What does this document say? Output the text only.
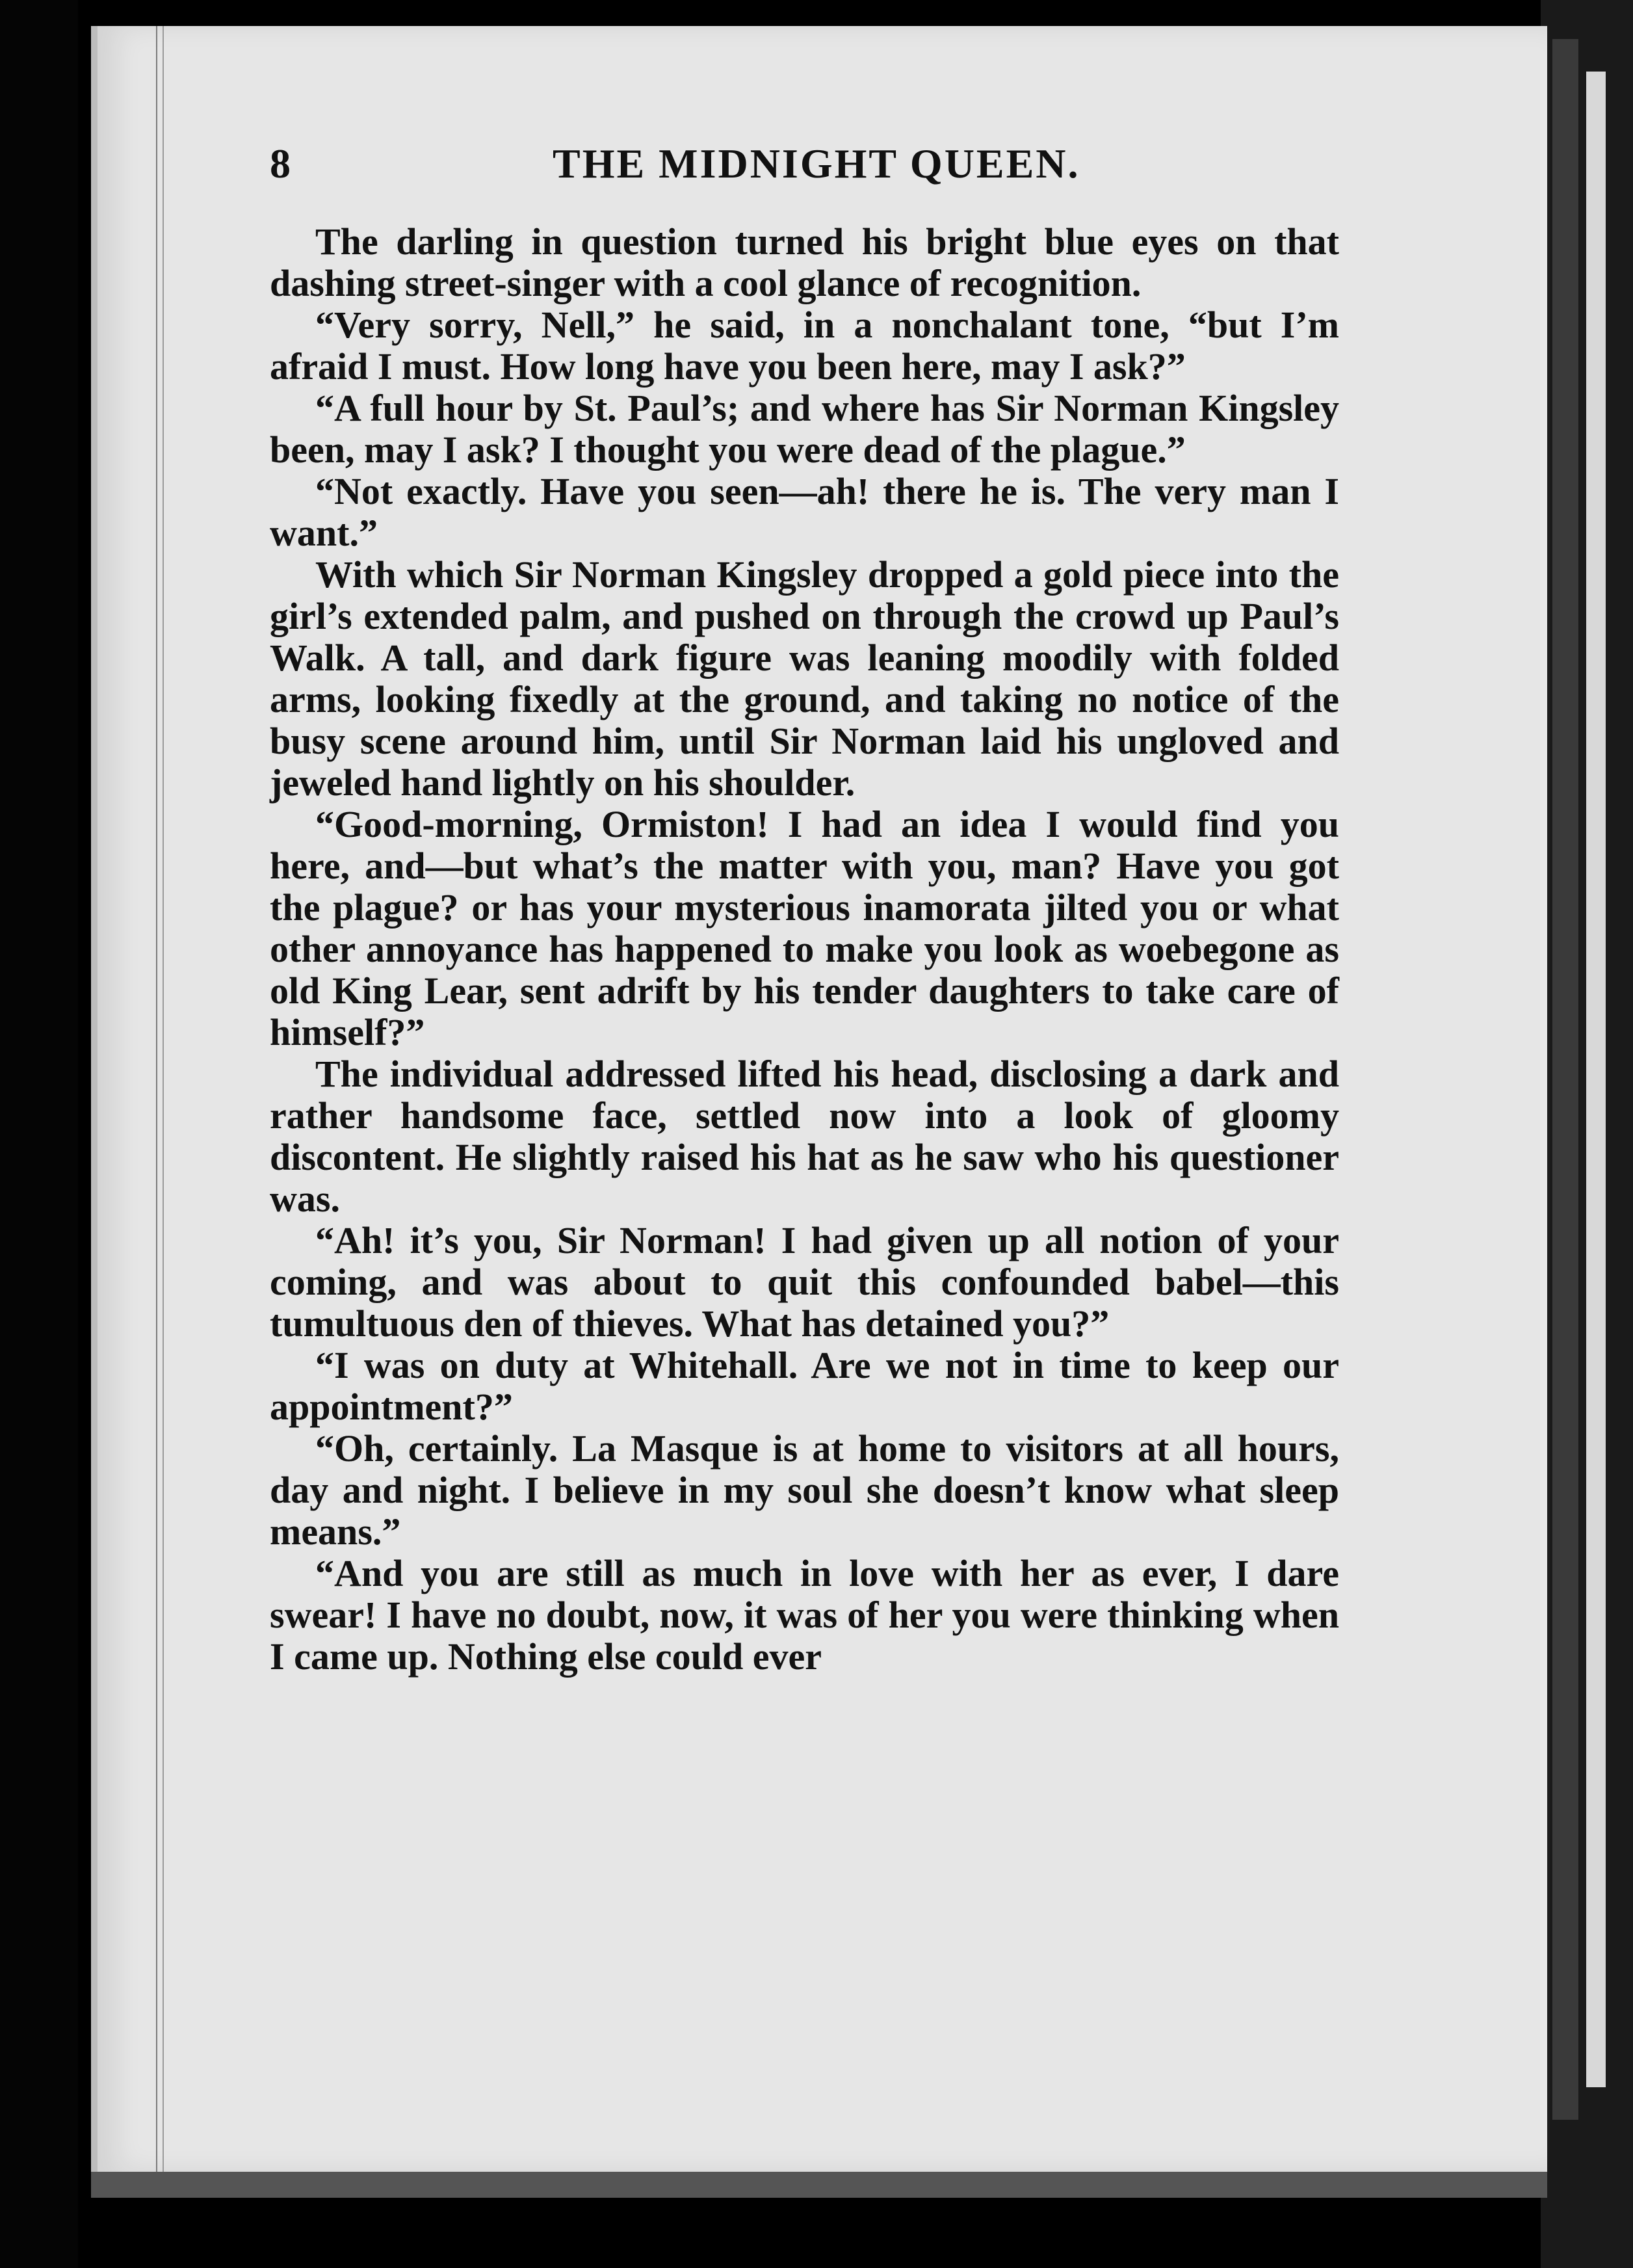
8	THE MIDNIGHT QUEEN.

The darling in question turned his bright blue eyes on that dashing street-singer with a cool glance of recognition.

“Very sorry, Nell,” he said, in a nonchalant tone, “but I’m afraid I must. How long have you been here, may I ask?”

“A full hour by St. Paul’s; and where has Sir Norman Kingsley been, may I ask? I thought you were dead of the plague.”

“Not exactly. Have you seen—ah! there he is. The very man I want.”

With which Sir Norman Kingsley dropped a gold piece into the girl’s extended palm, and pushed on through the crowd up Paul’s Walk. A tall, and dark figure was leaning moodily with folded arms, looking fixedly at the ground, and taking no notice of the busy scene around him, until Sir Norman laid his ungloved and jeweled hand lightly on his shoulder.

“Good-morning, Ormiston! I had an idea I would find you here, and—but what’s the matter with you, man? Have you got the plague? or has your mysterious inamorata jilted you or what other annoyance has happened to make you look as woebegone as old King Lear, sent adrift by his tender daughters to take care of himself?”

The individual addressed lifted his head, disclosing a dark and rather handsome face, settled now into a look of gloomy discontent. He slightly raised his hat as he saw who his questioner was.

“Ah! it’s you, Sir Norman! I had given up all notion of your coming, and was about to quit this confounded babel—this tumultuous den of thieves. What has detained you?”

“I was on duty at Whitehall. Are we not in time to keep our appointment?”

“Oh, certainly. La Masque is at home to visitors at all hours, day and night. I believe in my soul she doesn’t know what sleep means.”

“And you are still as much in love with her as ever, I dare swear! I have no doubt, now, it was of her you were thinking when I came up. Nothing else could ever
